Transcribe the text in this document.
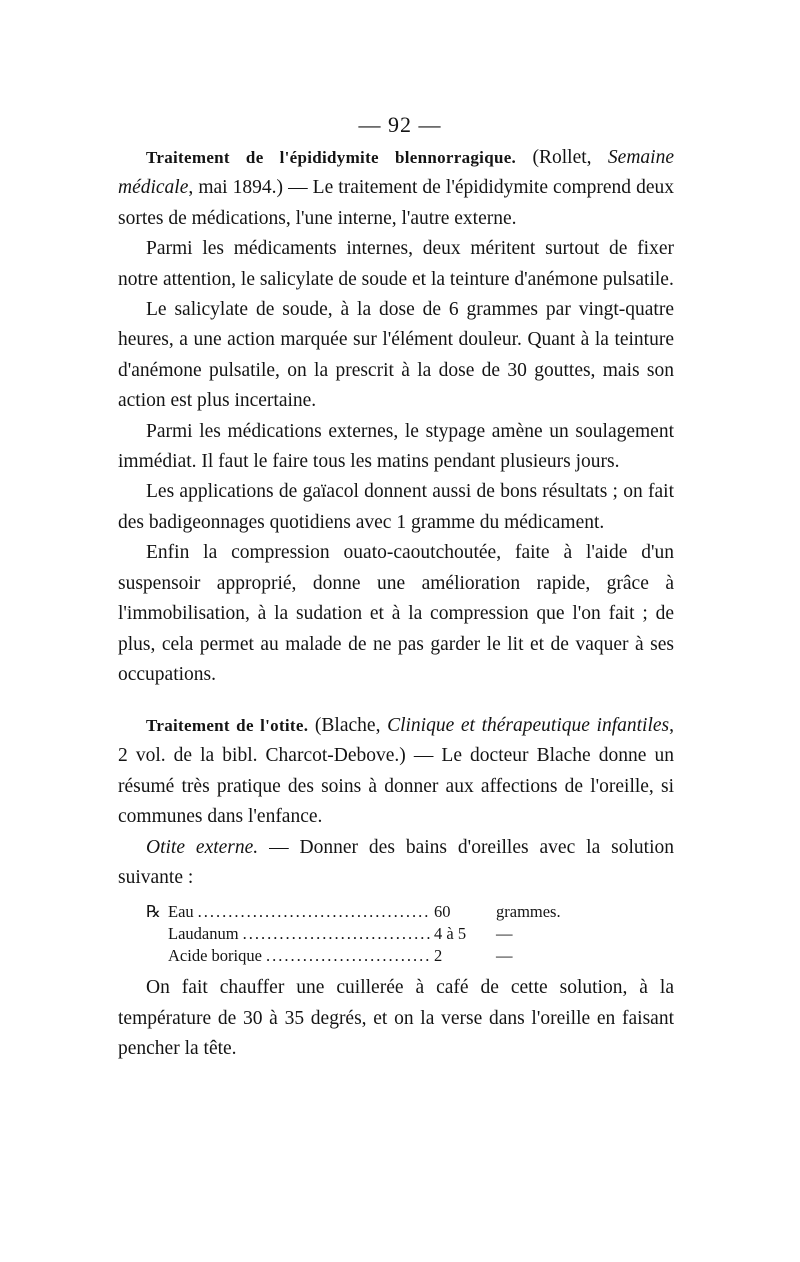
— 92 —

Traitement de l'épididymite blennorragique. (Rollet, Semaine médicale, mai 1894.) — Le traitement de l'épididymite comprend deux sortes de médications, l'une interne, l'autre externe.

Parmi les médicaments internes, deux méritent surtout de fixer notre attention, le salicylate de soude et la teinture d'anémone pulsatile.

Le salicylate de soude, à la dose de 6 grammes par vingt-quatre heures, a une action marquée sur l'élément douleur. Quant à la teinture d'anémone pulsatile, on la prescrit à la dose de 30 gouttes, mais son action est plus incertaine.

Parmi les médications externes, le stypage amène un soulagement immédiat. Il faut le faire tous les matins pendant plusieurs jours.

Les applications de gaïacol donnent aussi de bons résultats ; on fait des badigeonnages quotidiens avec 1 gramme du médicament.

Enfin la compression ouato-caoutchoutée, faite à l'aide d'un suspensoir approprié, donne une amélioration rapide, grâce à l'immobilisation, à la sudation et à la compression que l'on fait ; de plus, cela permet au malade de ne pas garder le lit et de vaquer à ses occupations.

Traitement de l'otite. (Blache, Clinique et thérapeutique infantiles, 2 vol. de la bibl. Charcot-Debove.) — Le docteur Blache donne un résumé très pratique des soins à donner aux affections de l'oreille, si communes dans l'enfance.

Otite externe. — Donner des bains d'oreilles avec la solution suivante :

℞ Eau .....	60	grammes.
Laudanum .....	4 à 5	—
Acide borique .....	2	—

On fait chauffer une cuillerée à café de cette solution, à la température de 30 à 35 degrés, et on la verse dans l'oreille en faisant pencher la tête.
